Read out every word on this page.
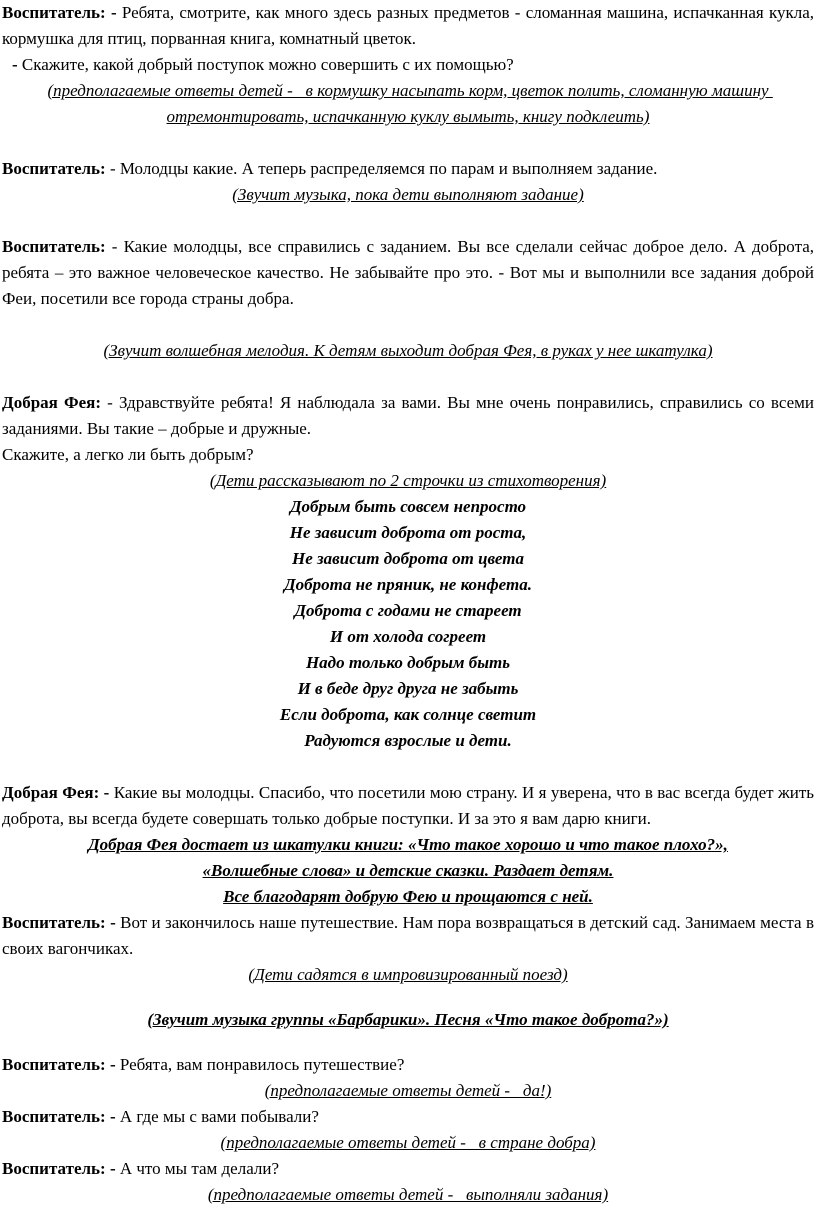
Воспитатель: - Ребята, смотрите, как много здесь разных предметов - сломанная машина, испачканная кукла, кормушка для птиц, порванная книга, комнатный цветок.

- Скажите, какой добрый поступок можно совершить с их помощью?

(предполагаемые ответы детей -   в кормушку насыпать корм, цветок полить, сломанную машину отремонтировать, испачканную куклу вымыть, книгу подклеить)

Воспитатель: - Молодцы какие. А теперь распределяемся по парам и выполняем задание.

(Звучит музыка, пока дети выполняют задание)

Воспитатель: - Какие молодцы, все справились с заданием. Вы все сделали сейчас доброе дело. А доброта, ребята – это важное человеческое качество. Не забывайте про это. - Вот мы и выполнили все задания доброй Феи, посетили все города страны добра.

(Звучит волшебная мелодия. К детям выходит добрая Фея, в руках у нее шкатулка)

Добрая Фея: - Здравствуйте ребята! Я наблюдала за вами. Вы мне очень понравились, справились со всеми заданиями. Вы такие – добрые и дружные.

Скажите, а легко ли быть добрым?

(Дети рассказывают по 2 строчки из стихотворения)

Добрым быть совсем непросто

Не зависит доброта от роста,

Не зависит доброта от цвета

Доброта не пряник, не конфета.

Доброта с годами не стареет

И от холода согреет

Надо только добрым быть

И в беде друг друга не забыть

Если доброта, как солнце светит

Радуются взрослые и дети.

Добрая Фея: - Какие вы молодцы. Спасибо, что посетили мою страну. И я уверена, что в вас всегда будет жить доброта, вы всегда будете совершать только добрые поступки. И за это я вам дарю книги.

Добрая Фея достает из шкатулки книги: «Что такое хорошо и что такое плохо?»,

«Волшебные слова» и детские сказки. Раздает детям.

Все благодарят добрую Фею и прощаются с ней.

Воспитатель: - Вот и закончилось наше путешествие. Нам пора возвращаться в детский сад. Занимаем места в своих вагончиках.

(Дети садятся в импровизированный поезд)

(Звучит музыка группы «Барбарики». Песня «Что такое доброта?»)

Воспитатель: - Ребята, вам понравилось путешествие?

(предполагаемые ответы детей -   да!)

Воспитатель: - А где мы с вами побывали?

(предполагаемые ответы детей -   в стране добра)

Воспитатель: - А что мы там делали?

(предполагаемые ответы детей -   выполняли задания)
